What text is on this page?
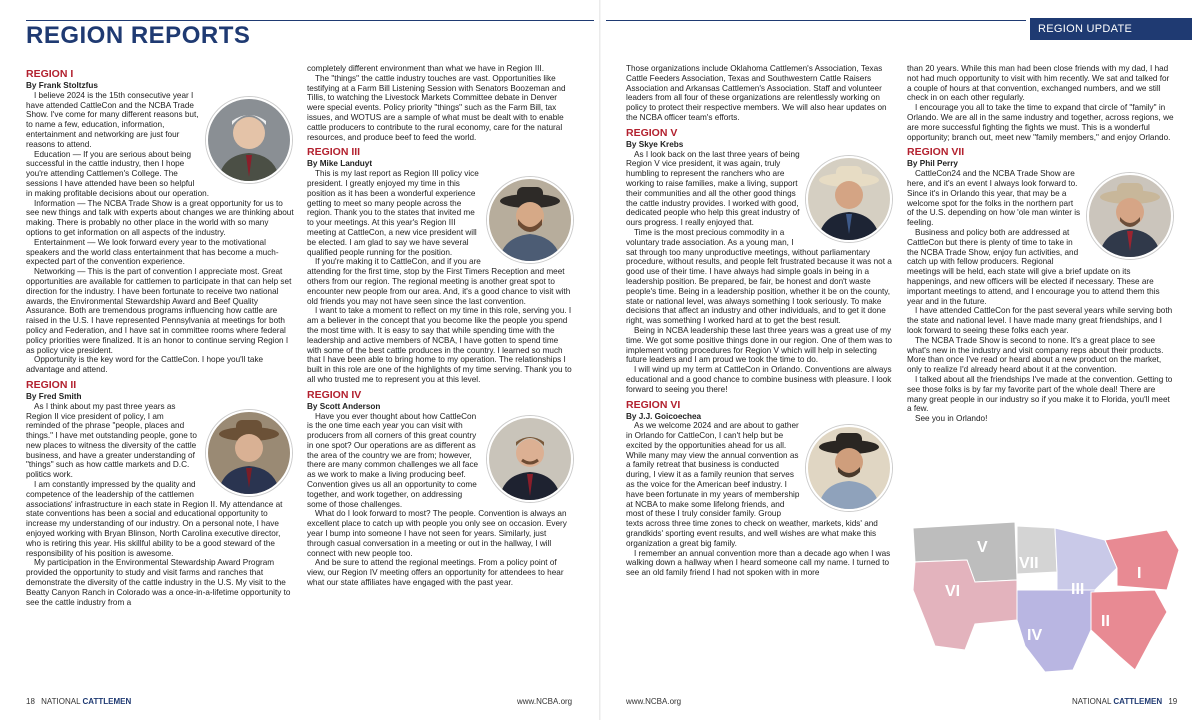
REGION REPORTS	REGION UPDATE
REGION I
By Frank Stoltzfus

I believe 2024 is the 15th consecutive year I have attended CattleCon and the NCBA Trade Show. I've come for many different reasons but, to name a few, education, information, entertainment and networking are just four reasons to attend.

Education — If you are serious about being successful in the cattle industry, then I hope you're attending Cattlemen's College. The sessions I have attended have been so helpful in making profitable decisions about our operation.

Information — The NCBA Trade Show is a great opportunity for us to see new things and talk with experts about changes we are thinking about making. There is probably no other place in the world with so many options to get information on all aspects of the industry.

Entertainment — We look forward every year to the motivational speakers and the world class entertainment that has become a much-expected part of the convention experience.

Networking — This is the part of convention I appreciate most. Great opportunities are available for cattlemen to participate in that can help set direction for the industry. I have been fortunate to receive two national awards, the Environmental Stewardship Award and Beef Quality Assurance. Both are tremendous programs influencing how cattle are raised in the U.S. I have represented Pennsylvania at meetings for both policy and Federation, and I have sat in committee rooms where federal policy priorities were finalized. It is an honor to continue serving Region I as policy vice president.

Opportunity is the key word for the CattleCon. I hope you'll take advantage and attend.

REGION II
By Fred Smith

As I think about my past three years as Region II vice president of policy, I am reminded of the phrase "people, places and things." I have met outstanding people, gone to new places to witness the diversity of the cattle business, and have a greater understanding of "things" such as how cattle markets and D.C. politics work.

I am constantly impressed by the quality and competence of the leadership of the cattlemen associations' infrastructure in each state in Region II. My attendance at state conventions has been a social and educational opportunity to increase my understanding of our industry. On a personal note, I have enjoyed working with Bryan Blinson, North Carolina executive director, who is retiring this year. His skillful ability to be a good steward of the responsibility of his position is awesome.

My participation in the Environmental Stewardship Award Program provided the opportunity to study and visit farms and ranches that demonstrate the diversity of the cattle industry in the U.S. My visit to the Beatty Canyon Ranch in Colorado was a once-in-a-lifetime opportunity to see the cattle industry from a

completely different environment than what we have in Region III.

The "things" the cattle industry touches are vast. Opportunities like testifying at a Farm Bill Listening Session with Senators Boozeman and Tillis, to watching the Livestock Markets Committee debate in Denver were special events. Policy priority "things" such as the Farm Bill, tax issues, and WOTUS are a sample of what must be dealt with to enable cattle producers to contribute to the rural economy, care for the natural resources, and produce beef to feed the world.

REGION III
By Mike Landuyt

This is my last report as Region III policy vice president. I greatly enjoyed my time in this position as it has been a wonderful experience getting to meet so many people across the region. Thank you to the states that invited me to your meetings. At this year's Region III meeting at CattleCon, a new vice president will be elected. I am glad to say we have several qualified people running for the position.

If you're making it to CattleCon, and if you are attending for the first time, stop by the First Timers Reception and meet others from our region. The regional meeting is another great spot to encounter new people from our area. And, it's a good chance to visit with old friends you may not have seen since the last convention.

I want to take a moment to reflect on my time in this role, serving you. I am a believer in the concept that you become like the people you spend the most time with. It is easy to say that while spending time with the leadership and active members of NCBA, I have gotten to spend time with some of the best cattle produces in the country. I learned so much that I have been able to bring home to my operation. The relationships I built in this role are one of the highlights of my time serving. Thank you to all who trusted me to represent you at this level.

REGION IV
By Scott Anderson

Have you ever thought about how CattleCon is the one time each year you can visit with producers from all corners of this great country in one spot? Our operations are as different as the area of the country we are from; however, there are many common challenges we all face as we work to make a living producing beef. Convention gives us all an opportunity to come together, and work together, on addressing some of those challenges.

What do I look forward to most? The people. Convention is always an excellent place to catch up with people you only see on occasion. Every year I bump into someone I have not seen for years. Similarly, just through casual conversation in a meeting or out in the hallway, I will connect with new people too.

And be sure to attend the regional meetings. From a policy point of view, our Region IV meeting offers an opportunity for attendees to hear what our state affiliates have engaged with the past year.

Those organizations include Oklahoma Cattlemen's Association, Texas Cattle Feeders Association, Texas and Southwestern Cattle Raisers Association and Arkansas Cattlemen's Association. Staff and volunteer leaders from all four of these organizations are relentlessly working on policy to protect their respective members. We will also hear updates on the NCBA officer team's efforts.

REGION V
By Skye Krebs

As I look back on the last three years of being Region V vice president, it was again, truly humbling to represent the ranchers who are working to raise families, make a living, support their communities and all the other good things the cattle industry provides. I worked with good, dedicated people who help this great industry of ours progress. I really enjoyed that.

Time is the most precious commodity in a voluntary trade association. As a young man, I sat through too many unproductive meetings, without parliamentary procedure, without results, and people felt frustrated because it was not a good use of their time. I have always had simple goals in being in a leadership position. Be prepared, be fair, be honest and don't waste people's time. Being in a leadership position, whether it be on the county, state or national level, was always something I took seriously. To make decisions that affect an industry and other individuals, and to get it done right, was something I worked hard at to get the best result.

Being in NCBA leadership these last three years was a great use of my time. We got some positive things done in our region. One of them was to implement voting procedures for Region V which will help in selecting future leaders and I am proud we took the time to do.

I will wind up my term at CattleCon in Orlando. Conventions are always educational and a good chance to combine business with pleasure. I look forward to seeing you there!

REGION VI
By J.J. Goicoechea

As we welcome 2024 and are about to gather in Orlando for CattleCon, I can't help but be excited by the opportunities ahead for us all. While many may view the annual convention as a family retreat that business is conducted during, I view it as a family reunion that serves as the voice for the American beef industry. I have been fortunate in my years of membership at NCBA to make some lifelong friends, and most of these I truly consider family. Group texts across three time zones to check on weather, markets, kids' and grandkids' sporting event results, and well wishes are what make this organization a great big family.

I remember an annual convention more than a decade ago when I was walking down a hallway when I heard someone call my name. I turned to see an old family friend I had not spoken with in more

than 20 years. While this man had been close friends with my dad, I had not had much opportunity to visit with him recently. We sat and talked for a couple of hours at that convention, exchanged numbers, and we still check in on each other regularly.

I encourage you all to take the time to expand that circle of "family" in Orlando. We are all in the same industry and together, across regions, we are more successful fighting the fights we must. This is a wonderful opportunity; branch out, meet new "family members," and enjoy Orlando.

REGION VII
By Phil Perry

CattleCon24 and the NCBA Trade Show are here, and it's an event I always look forward to. Since it's in Orlando this year, that may be a welcome spot for the folks in the northern part of the U.S. depending on how 'ole man winter is feeling.

Business and policy both are addressed at CattleCon but there is plenty of time to take in the NCBA Trade Show, enjoy fun activities, and catch up with fellow producers. Regional meetings will be held, each state will give a brief update on its happenings, and new officers will be elected if necessary. These are important meetings to attend, and I encourage you to attend them this year and in the future.

I have attended CattleCon for the past several years while serving both the state and national level. I have made many great friendships, and I look forward to seeing these folks each year.

The NCBA Trade Show is second to none. It's a great place to see what's new in the industry and visit company reps about their products. More than once I've read or heard about a new product on the market, only to realize I'd already heard about it at the convention.

I talked about all the friendships I've made at the convention. Getting to see those folks is by far my favorite part of the whole deal! There are many great people in our industry so if you make it to Florida, you'll meet a few.

See you in Orlando!

V
VII
VI	III
IV
II
I
18 NATIONAL CATTLEMEN	www.NCBA.org	www.NCBA.org	NATIONAL CATTLEMEN 19
